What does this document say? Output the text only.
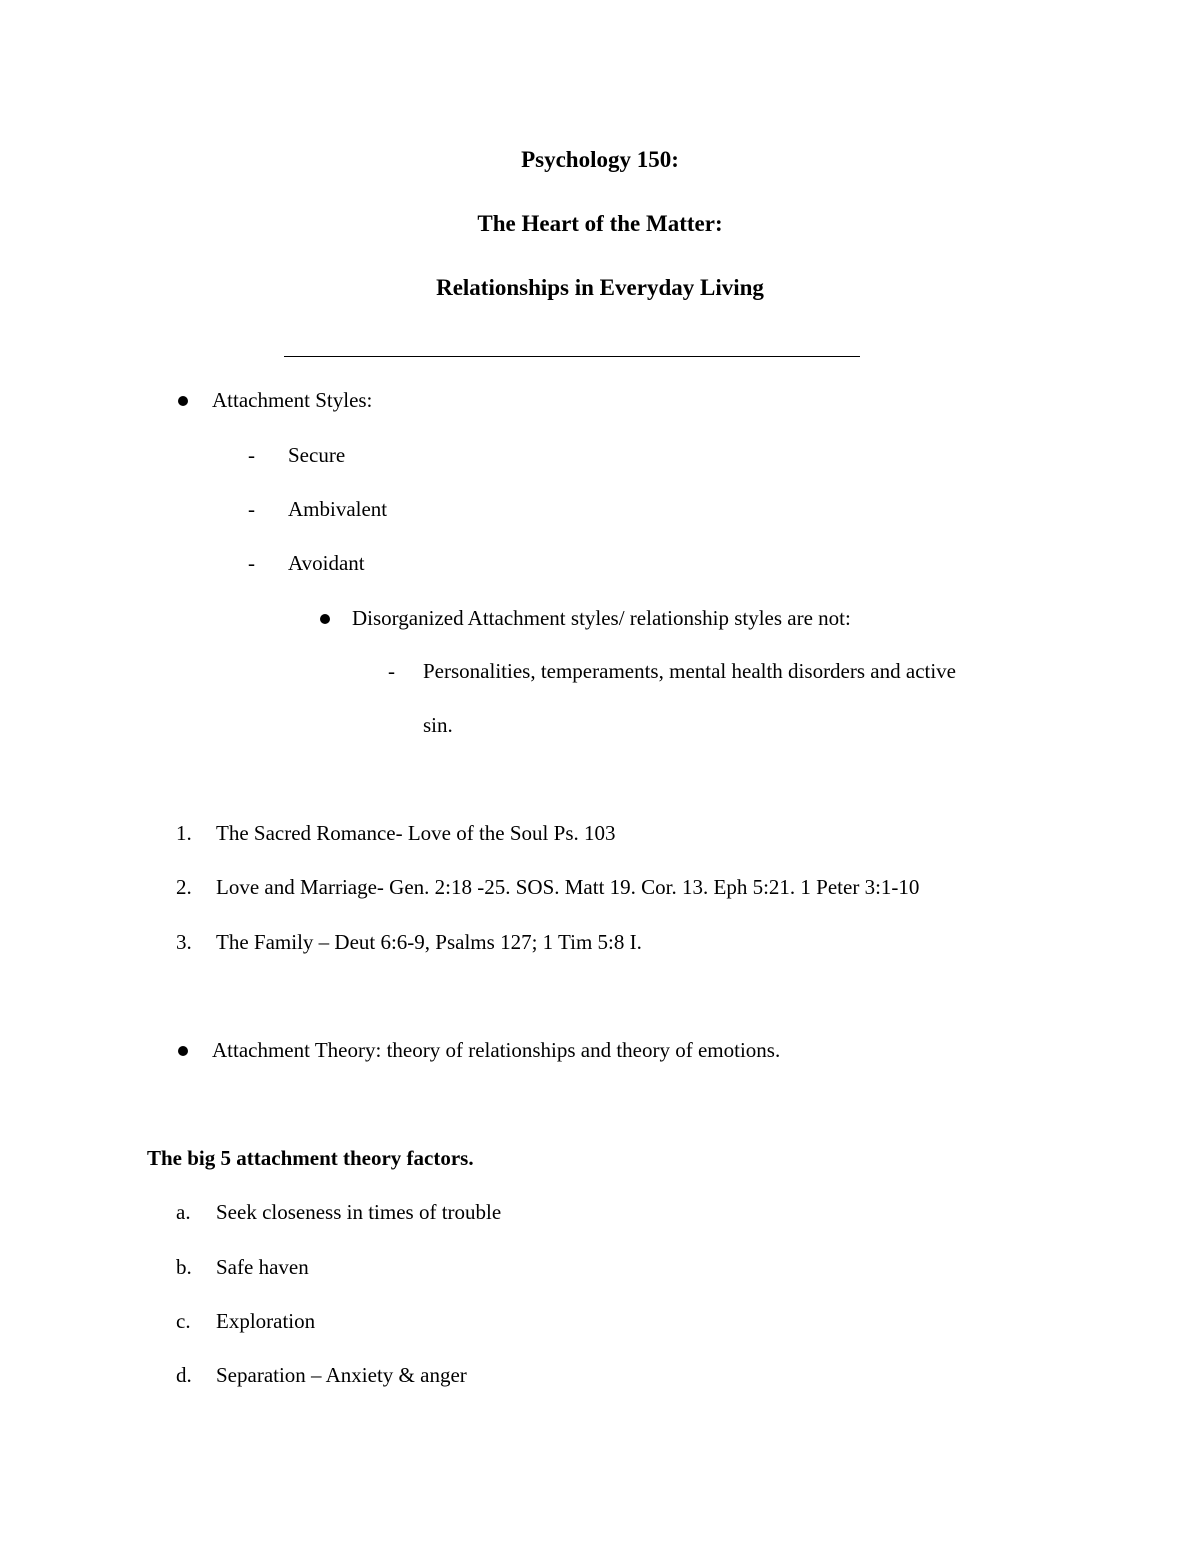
Psychology 150:
The Heart of the Matter:
Relationships in Everyday Living
Attachment Styles:
- Secure
- Ambivalent
- Avoidant
Disorganized Attachment styles/ relationship styles are not:
- Personalities, temperaments, mental health disorders and active
sin.
1. The Sacred Romance- Love of the Soul Ps. 103
2. Love and Marriage- Gen. 2:18 -25. SOS. Matt 19. Cor. 13. Eph 5:21. 1 Peter 3:1-10
3. The Family – Deut 6:6-9, Psalms 127; 1 Tim 5:8 I.
Attachment Theory: theory of relationships and theory of emotions.
The big 5 attachment theory factors.
a. Seek closeness in times of trouble
b. Safe haven
c. Exploration
d. Separation – Anxiety & anger
